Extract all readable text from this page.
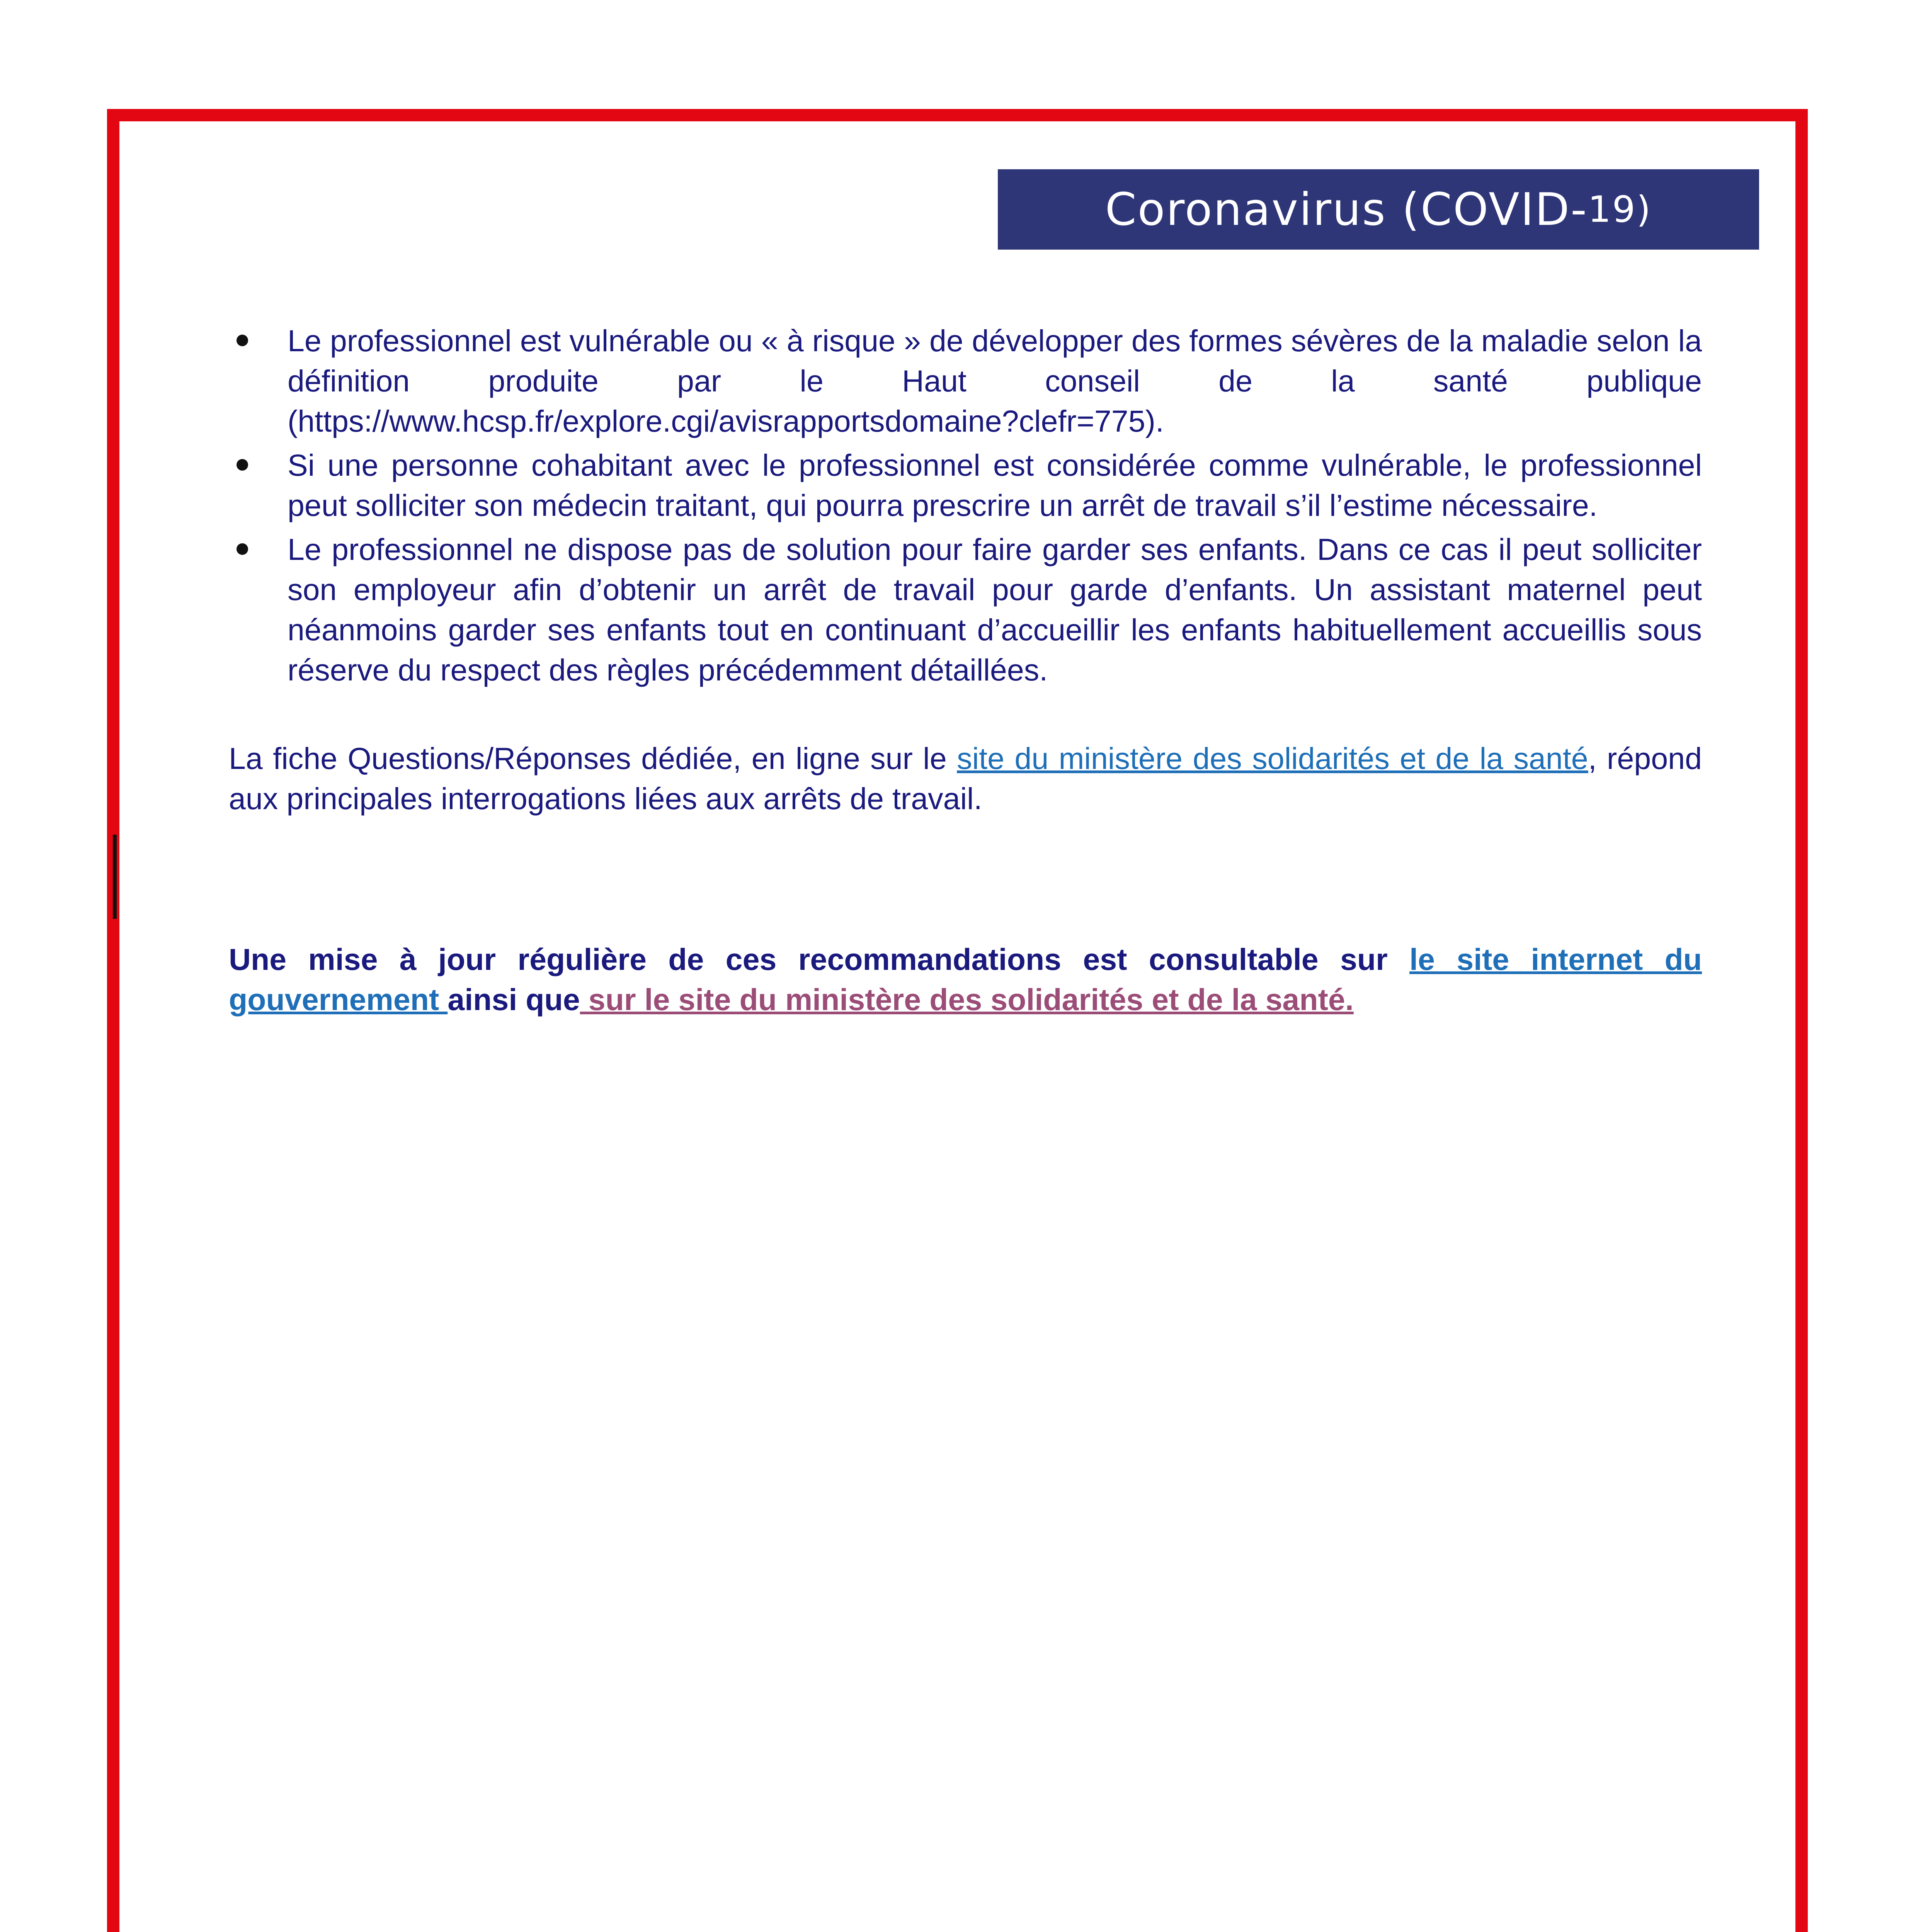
Coronavirus (COVID- 19)
Le professionnel est vulnérable ou « à risque » de développer des formes sévères de la maladie selon la définition produite par le Haut conseil de la santé publique (https://www.hcsp.fr/explore.cgi/avisrapportsdomaine?clefr=775).
Si une personne cohabitant avec le professionnel est considérée comme vulnérable, le professionnel peut solliciter son médecin traitant, qui pourra prescrire un arrêt de travail s’il l’estime nécessaire.
Le professionnel ne dispose pas de solution pour faire garder ses enfants. Dans ce cas il peut solliciter son employeur afin d’obtenir un arrêt de travail pour garde d’enfants. Un assistant maternel peut néanmoins garder ses enfants tout en continuant d’accueillir les enfants habituellement accueillis sous réserve du respect des règles précédemment détaillées.
La fiche Questions/Réponses dédiée, en ligne sur le site du ministère des solidarités et de la santé, répond aux principales interrogations liées aux arrêts de travail.
Une mise à jour régulière de ces recommandations est consultable sur le site internet du gouvernement ainsi que sur le site du ministère des solidarités et de la santé.
